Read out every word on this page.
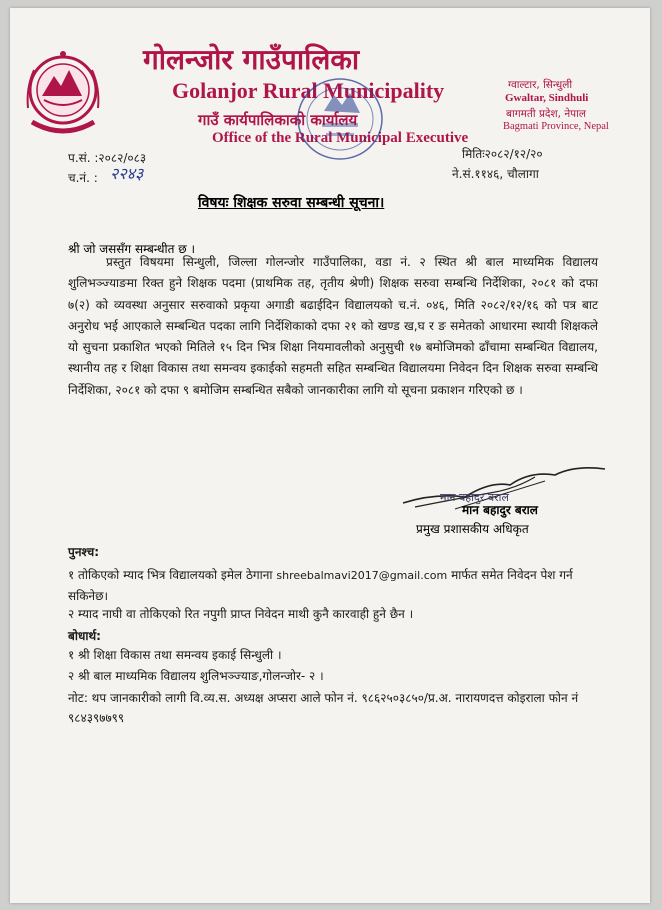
गोलन्जोर गाउँपालिका
Golanjor Rural Municipality
गाउँ कार्यपालिकाको कार्यालय
Office of the Rural Municipal Executive
ग्वाल्टार, सिन्धुली
Gwaltar, Sindhuli
बागमती प्रदेश, नेपाल
Bagmati Province, Nepal
प.सं. :२०८२/०८३
च.नं. : २२४३
मितिः२०८२/१२/२०
ने.सं.११४६, चौलागा
विषयः शिक्षक सरुवा सम्बन्धी सूचना।
श्री जो जससँग सम्बन्धीत छ ।
प्रस्तुत विषयमा सिन्धुली, जिल्ला गोलन्जोर गाउँपालिका, वडा नं. २ स्थित श्री बाल माध्यमिक विद्यालय शुलिभञ्ज्याङमा रिक्त हुने शिक्षक पदमा (प्राथमिक तह, तृतीय श्रेणी) शिक्षक सरुवा सम्बन्धि निर्देशिका, २०८१ को दफा ७(२) को व्यवस्था अनुसार सरुवाको प्रकृया अगाडी बढाईदिन विद्यालयको च.नं. ०४६, मिति २०८२/१२/१६ को पत्र बाट अनुरोध भई आएकाले सम्बन्धित पदका लागि निर्देशिकाको दफा २१ को खण्ड ख,घ र ङ समेतको आधारमा स्थायी शिक्षकले यो सुचना प्रकाशित भएको मितिले १५ दिन भित्र शिक्षा नियमावलीको अनुसुची १७ बमोजिमको ढाँचामा सम्बन्धित विद्यालय, स्थानीय तह र शिक्षा विकास तथा समन्वय इकाईको सहमती सहित सम्बन्धित विद्यालयमा निवेदन दिन शिक्षक सरुवा सम्बन्धि निर्देशिका, २०८१ को दफा ९ बमोजिम सम्बन्धित सबैको जानकारीका लागि यो सूचना प्रकाशन गरिएको छ ।
मान बहादुर बराल
मान बहादुर बराल
प्रमुख प्रशासकीय अधिकृत
पुनश्च:
१ तोकिएको म्याद भित्र विद्यालयको इमेल ठेगाना shreebalmavi2017@gmail.com मार्फत समेत निवेदन पेश गर्न सकिनेछ।
२ म्याद नाघी वा तोकिएको रित नपुगी प्राप्त निवेदन माथी कुनै कारवाही हुने छैन ।
बोधार्थ:
१ श्री शिक्षा विकास तथा समन्वय इकाई सिन्धुली ।
२ श्री बाल माध्यमिक विद्यालय शुलिभञ्ज्याङ,गोलन्जोर- २ ।
नोट: थप जानकारीको लागी वि.व्य.स. अध्यक्ष अप्सरा आले फोन नं. ९८६२५०३८५०/प्र.अ. नारायणदत्त कोइराला फोन नं ९८४३९७७९९
